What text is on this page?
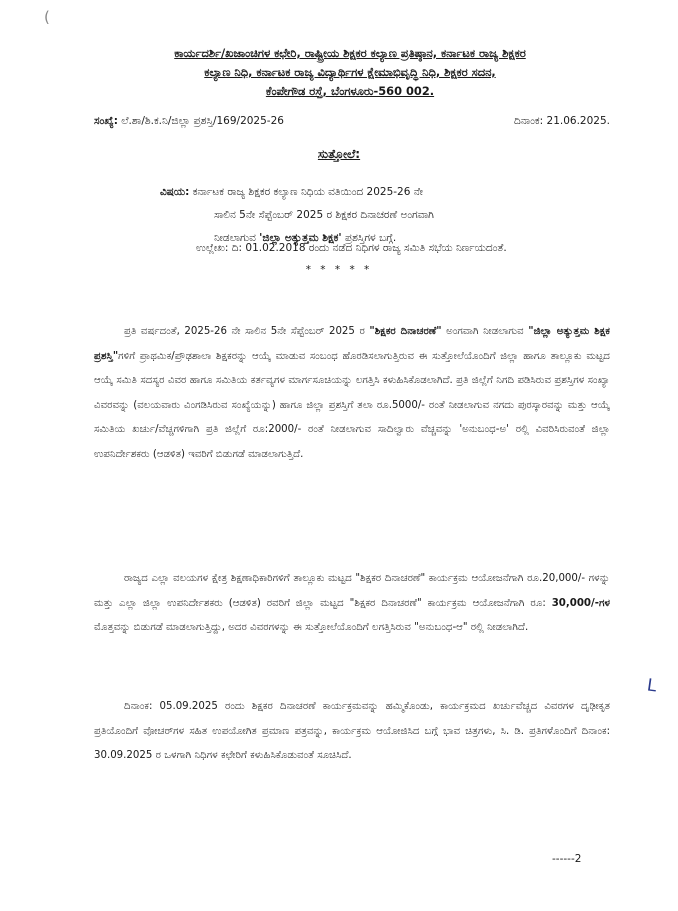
(
ಕಾರ್ಯದರ್ಶಿ/ಖಜಾಂಚಿಗಳ ಕಛೇರಿ, ರಾಷ್ಟ್ರೀಯ ಶಿಕ್ಷಕರ ಕಲ್ಯಾಣ ಪ್ರತಿಷ್ಠಾನ, ಕರ್ನಾಟಕ ರಾಜ್ಯ ಶಿಕ್ಷಕರ
ಕಲ್ಯಾಣ ನಿಧಿ, ಕರ್ನಾಟಕ ರಾಜ್ಯ ವಿದ್ಯಾರ್ಥಿಗಳ ಕ್ಷೇಮಾಭಿವೃದ್ಧಿ ನಿಧಿ, ಶಿಕ್ಷಕರ ಸದನ,
ಕೆಂಪೇಗೌಡ ರಸ್ತೆ, ಬೆಂಗಳೂರು-560 002.
ಸಂಖ್ಯೆ: ಲೆ.ಶಾ/ಶಿ.ಕ.ನಿ/ಜಿಲ್ಲಾ ಪ್ರಶಸ್ತಿ/169/2025-26	ದಿನಾಂಕ: 21.06.2025.
ಸುತ್ತೋಲೆ:
ವಿಷಯ: ಕರ್ನಾಟಕ ರಾಜ್ಯ ಶಿಕ್ಷಕರ ಕಲ್ಯಾಣ ನಿಧಿಯ ವತಿಯಿಂದ 2025-26 ನೇ
ಸಾಲಿನ 5ನೇ ಸೆಪ್ಟೆಂಬರ್ 2025 ರ ಶಿಕ್ಷಕರ ದಿನಾಚರಣೆ ಅಂಗವಾಗಿ
ನೀಡಲಾಗುವ 'ಜಿಲ್ಲಾ ಅತ್ಯುತ್ತಮ ಶಿಕ್ಷಕ' ಪ್ರಶಸ್ತಿಗಳ ಬಗ್ಗೆ.
ಉಲ್ಲೇಖ: ದಿ: 01.02.2018 ರಂದು ನಡೆದ ನಿಧಿಗಳ ರಾಜ್ಯ ಸಮಿತಿ ಸಭೆಯ ನಿರ್ಣಯದಂತೆ.
* * * * *
ಪ್ರತಿ ವರ್ಷದಂತೆ, 2025-26 ನೇ ಸಾಲಿನ 5ನೇ ಸೆಪ್ಟೆಂಬರ್ 2025 ರ "ಶಿಕ್ಷಕರ ದಿನಾಚರಣೆ" ಅಂಗವಾಗಿ ನೀಡಲಾಗುವ "ಜಿಲ್ಲಾ ಅತ್ಯುತ್ತಮ ಶಿಕ್ಷಕ ಪ್ರಶಸ್ತಿ"ಗಳಿಗೆ ಪ್ರಾಥಮಿಕ/ಪ್ರೌಢಶಾಲಾ ಶಿಕ್ಷಕರನ್ನು ಆಯ್ಕೆ ಮಾಡುವ ಸಂಬಂಧ ಹೊರಡಿಸಲಾಗುತ್ತಿರುವ ಈ ಸುತ್ತೋಲೆಯೊಂದಿಗೆ ಜಿಲ್ಲಾ ಹಾಗೂ ತಾಲ್ಲೂಕು ಮಟ್ಟದ ಆಯ್ಕೆ ಸಮಿತಿ ಸದಸ್ಯರ ವಿವರ ಹಾಗೂ ಸಮಿತಿಯ ಕರ್ತವ್ಯಗಳ ಮಾರ್ಗಸೂಚಿಯನ್ನು ಲಗತ್ತಿಸಿ ಕಳುಹಿಸಿಕೊಡಲಾಗಿದೆ. ಪ್ರತಿ ಜಿಲ್ಲೆಗೆ ನಿಗದಿ ಪಡಿಸಿರುವ ಪ್ರಶಸ್ತಿಗಳ ಸಂಖ್ಯಾ ವಿವರವನ್ನು (ವಲಯವಾರು ವಿಂಗಡಿಸಿರುವ ಸಂಖ್ಯೆಯನ್ನು) ಹಾಗೂ ಜಿಲ್ಲಾ ಪ್ರಶಸ್ತಿಗೆ ತಲಾ ರೂ.5000/- ರಂತೆ ನೀಡಲಾಗುವ ನಗದು ಪುರಸ್ಕಾರವನ್ನು ಮತ್ತು ಆಯ್ಕೆ ಸಮಿತಿಯ ಖರ್ಚು/ವೆಚ್ಚಗಳಿಗಾಗಿ ಪ್ರತಿ ಜಿಲ್ಲೆಗೆ ರೂ:2000/- ರಂತೆ ನೀಡಲಾಗುವ ಸಾದಿಲ್ವಾರು ವೆಚ್ಚವನ್ನು 'ಅನುಬಂಧ-ಅ' ರಲ್ಲಿ ವಿವರಿಸಿರುವಂತೆ ಜಿಲ್ಲಾ ಉಪನಿರ್ದೇಶಕರು (ಆಡಳಿತ) ಇವರಿಗೆ ಬಿಡುಗಡೆ ಮಾಡಲಾಗುತ್ತಿದೆ.
ರಾಜ್ಯದ ಎಲ್ಲಾ ವಲಯಗಳ ಕ್ಷೇತ್ರ ಶಿಕ್ಷಣಾಧಿಕಾರಿಗಳಿಗೆ ತಾಲ್ಲೂಕು ಮಟ್ಟದ "ಶಿಕ್ಷಕರ ದಿನಾಚರಣೆ" ಕಾರ್ಯಕ್ರಮ ಆಯೋಜನೆಗಾಗಿ ರೂ.20,000/- ಗಳನ್ನು ಮತ್ತು ಎಲ್ಲಾ ಜಿಲ್ಲಾ ಉಪನಿರ್ದೇಶಕರು (ಆಡಳಿತ) ರವರಿಗೆ ಜಿಲ್ಲಾ ಮಟ್ಟದ "ಶಿಕ್ಷಕರ ದಿನಾಚರಣೆ" ಕಾರ್ಯಕ್ರಮ ಆಯೋಜನೆಗಾಗಿ ರೂ: 30,000/-ಗಳ ಮೊತ್ತವನ್ನು ಬಿಡುಗಡೆ ಮಾಡಲಾಗುತ್ತಿದ್ದು, ಅದರ ವಿವರಗಳನ್ನು ಈ ಸುತ್ತೋಲೆಯೊಂದಿಗೆ ಲಗತ್ತಿಸಿರುವ "ಅನುಬಂಧ-ಆ" ರಲ್ಲಿ ನೀಡಲಾಗಿದೆ.
ದಿನಾಂಕ: 05.09.2025 ರಂದು ಶಿಕ್ಷಕರ ದಿನಾಚರಣೆ ಕಾರ್ಯಕ್ರಮವನ್ನು ಹಮ್ಮಿಕೊಂಡು, ಕಾರ್ಯಕ್ರಮದ ಖರ್ಚುವೆಚ್ಚದ ವಿವರಗಳ ದೃಢೀಕೃತ ಪ್ರತಿಯೊಂದಿಗೆ ವೋಚರ್‌ಗಳ ಸಹಿತ ಉಪಯೋಗಿತ ಪ್ರಮಾಣ ಪತ್ರವನ್ನು, ಕಾರ್ಯಕ್ರಮ ಆಯೋಜಿಸಿದ ಬಗ್ಗೆ ಭಾವ ಚಿತ್ರಗಳು, ಸಿ. ಡಿ. ಪ್ರತಿಗಳೊಂದಿಗೆ ದಿನಾಂಕ: 30.09.2025 ರ ಒಳಗಾಗಿ ನಿಧಿಗಳ ಕಛೇರಿಗೆ ಕಳುಹಿಸಿಕೊಡುವಂತೆ ಸೂಚಿಸಿದೆ.
L
------2
